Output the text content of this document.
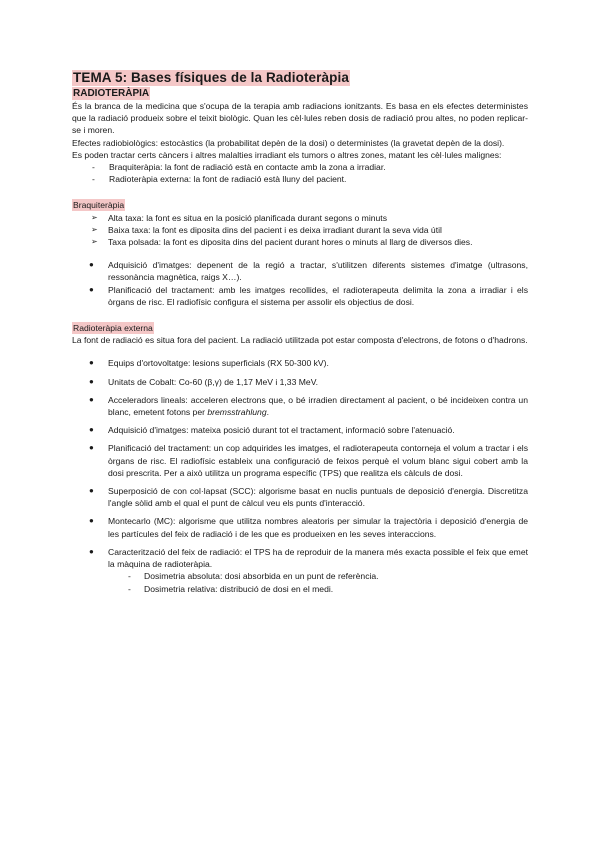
TEMA 5: Bases físiques de la Radioteràpia
RADIOTERÀPIA

És la branca de la medicina que s'ocupa de la terapia amb radiacions ionitzants. Es basa en els efectes deterministes que la radiació produeix sobre el teixit biològic. Quan les cèl·lules reben dosis de radiació prou altes, no poden replicar-se i moren.

Efectes radiobiològics: estocàstics (la probabilitat depèn de la dosi) o deterministes (la gravetat depèn de la dosi).

Es poden tractar certs càncers i altres malalties irradiant els tumors o altres zones, matant les cèl·lules malignes:

- Braquiteràpia: la font de radiació està en contacte amb la zona a irradiar.
- Radioteràpia externa: la font de radiació està lluny del pacient.
Braquiteràpia
➢ Alta taxa: la font es situa en la posició planificada durant segons o minuts
➢ Baixa taxa: la font es diposita dins del pacient i es deixa irradiant durant la seva vida útil
➢ Taxa polsada: la font es diposita dins del pacient durant hores o minuts al llarg de diversos dies.
● Adquisició d'imatges: depenent de la regió a tractar, s'utilitzen diferents sistemes d'imatge (ultrasons, ressonància magnètica, raigs X…).
● Planificació del tractament: amb les imatges recollides, el radioterapeuta delimita la zona a irradiar i els òrgans de risc. El radiofísic configura el sistema per assolir els objectius de dosi.
Radioteràpia externa

La font de radiació es situa fora del pacient. La radiació utilitzada pot estar composta d'electrons, de fotons o d'hadrons.

● Equips d'ortovoltatge: lesions superficials (RX 50-300 kV).
● Unitats de Cobalt: Co-60 (β,γ) de 1,17 MeV i 1,33 MeV.
● Acceleradors lineals: acceleren electrons que, o bé irradien directament al pacient, o bé incideixen contra un blanc, emetent fotons per bremsstrahlung.
● Adquisició d'imatges: mateixa posició durant tot el tractament, informació sobre l'atenuació.
● Planificació del tractament: un cop adquirides les imatges, el radioterapeuta contorneja el volum a tractar i els òrgans de risc. El radiofísic estableix una configuració de feixos perquè el volum blanc sigui cobert amb la dosi prescrita. Per a això utilitza un programa específic (TPS) que realitza els càlculs de dosi.
● Superposició de con col·lapsat (SCC): algorisme basat en nuclis puntuals de deposició d'energia. Discretitza l'angle sòlid amb el qual el punt de càlcul veu els punts d'interacció.
● Montecarlo (MC): algorisme que utilitza nombres aleatoris per simular la trajectòria i deposició d'energia de les partícules del feix de radiació i de les que es produeixen en les seves interaccions.
● Caracterització del feix de radiació: el TPS ha de reproduir de la manera més exacta possible el feix que emet la màquina de radioteràpia.
- Dosimetria absoluta: dosi absorbida en un punt de referència.
- Dosimetria relativa: distribució de dosi en el medi.
